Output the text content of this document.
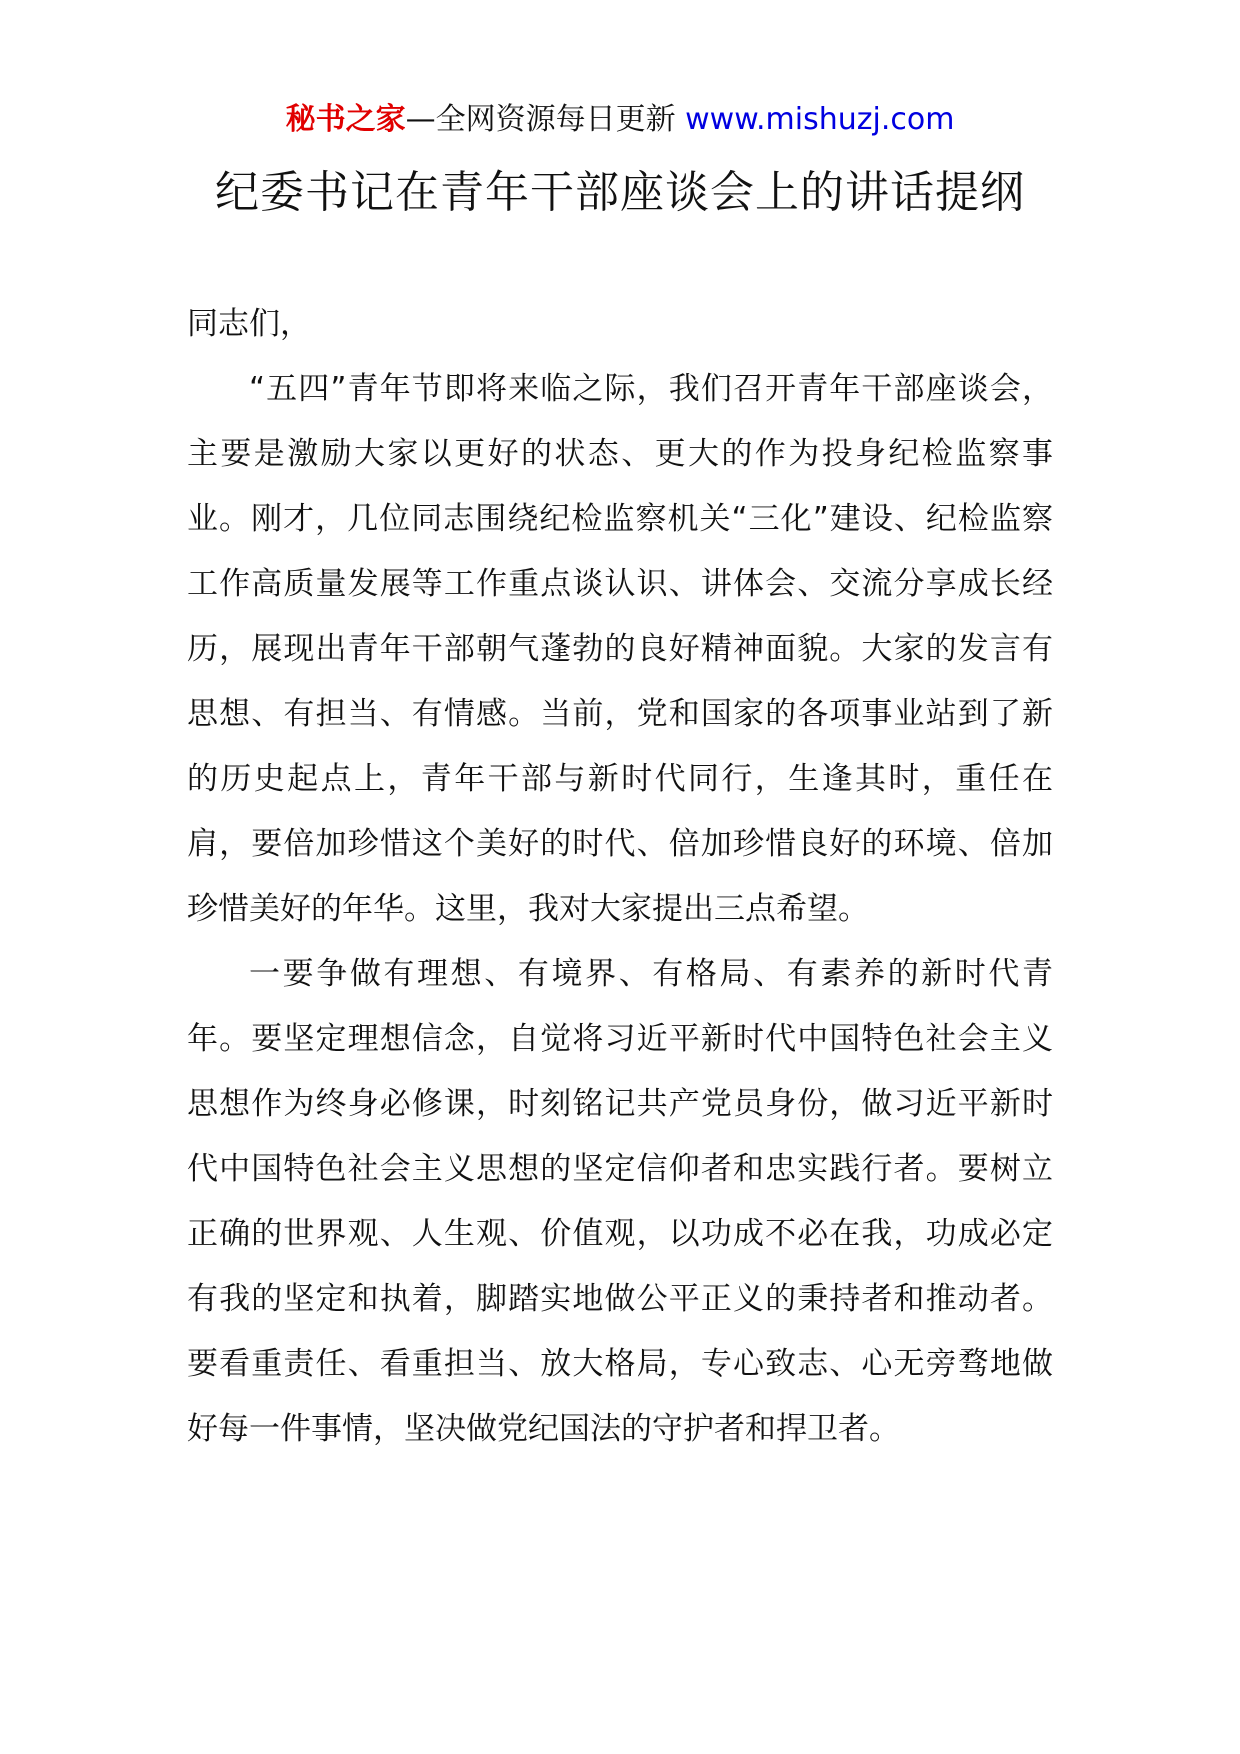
秘书之家—全网资源每日更新 www.mishuzj.com
纪委书记在青年干部座谈会上的讲话提纲

同志们，

“五四”青年节即将来临之际，我们召开青年干部座谈会，主要是激励大家以更好的状态、更大的作为投身纪检监察事业。刚才，几位同志围绕纪检监察机关“三化”建设、纪检监察工作高质量发展等工作重点谈认识、讲体会、交流分享成长经历，展现出青年干部朝气蓬勃的良好精神面貌。大家的发言有思想、有担当、有情感。当前，党和国家的各项事业站到了新的历史起点上，青年干部与新时代同行，生逢其时，重任在肩，要倍加珍惜这个美好的时代、倍加珍惜良好的环境、倍加珍惜美好的年华。这里，我对大家提出三点希望。

一要争做有理想、有境界、有格局、有素养的新时代青年。要坚定理想信念，自觉将习近平新时代中国特色社会主义思想作为终身必修课，时刻铭记共产党员身份，做习近平新时代中国特色社会主义思想的坚定信仰者和忠实践行者。要树立正确的世界观、人生观、价值观，以功成不必在我，功成必定有我的坚定和执着，脚踏实地做公平正义的秉持者和推动者。要看重责任、看重担当、放大格局，专心致志、心无旁骛地做好每一件事情，坚决做党纪国法的守护者和捍卫者。
